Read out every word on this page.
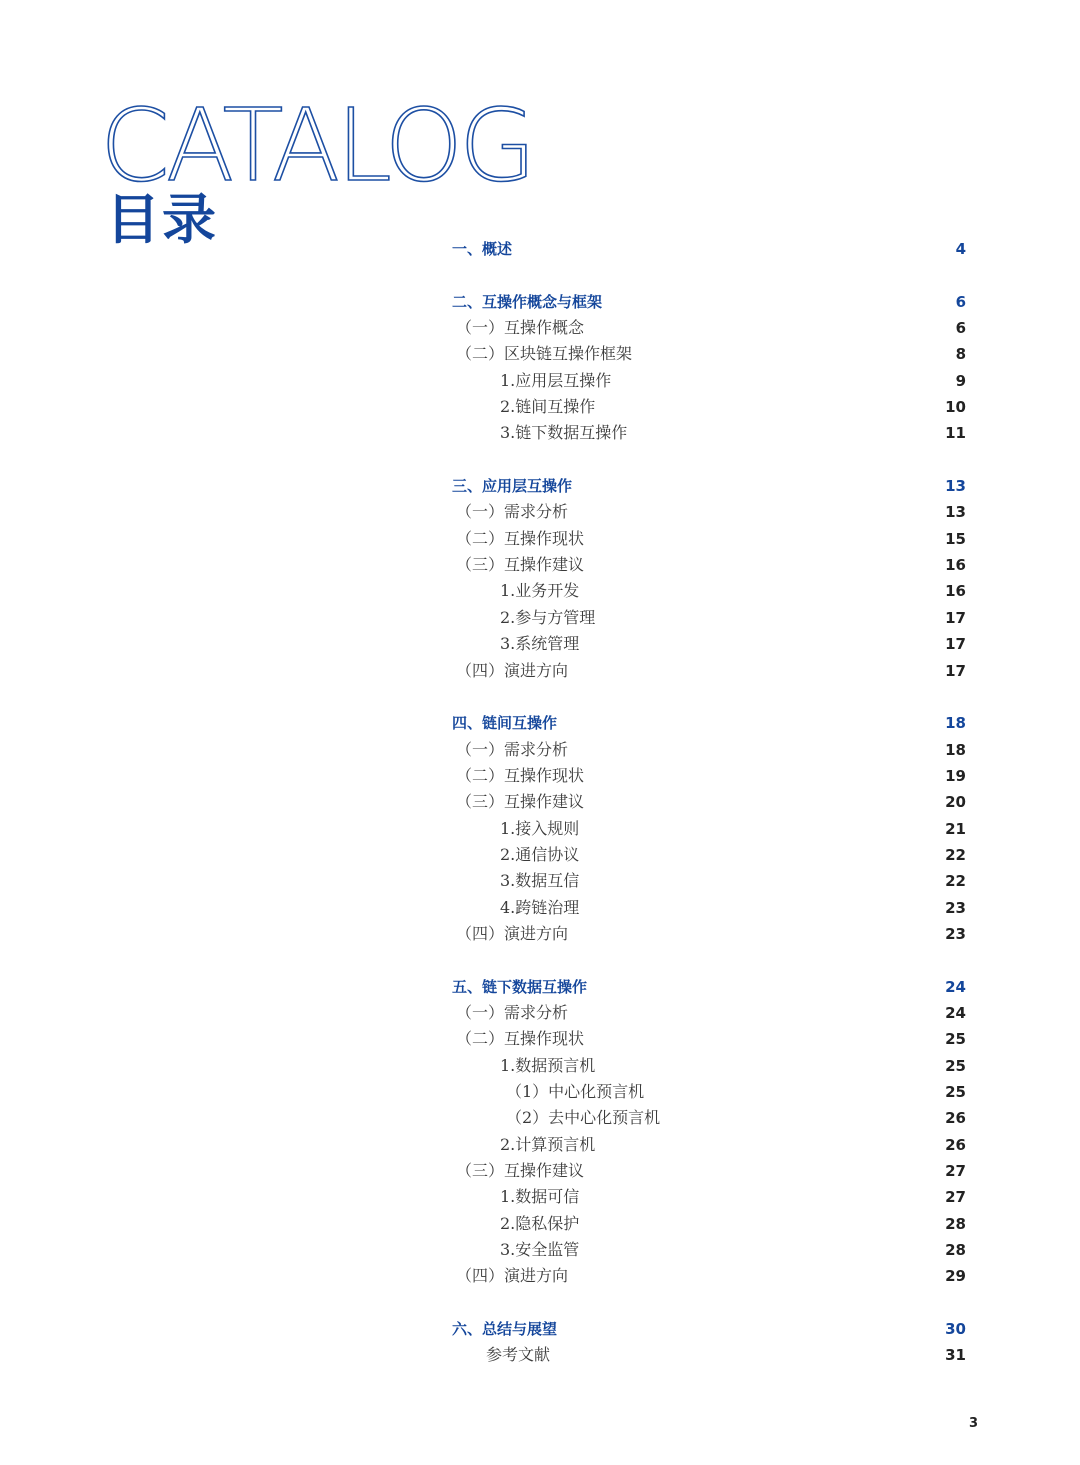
CATALOG
目录	一、概述	4
二、互操作概念与框架	6
（一）互操作概念	6
（二）区块链互操作框架	8
1.应用层互操作	9
2.链间互操作	10
3.链下数据互操作	11
三、应用层互操作	13
（一）需求分析	13
（二）互操作现状	15
（三）互操作建议	16
1.业务开发	16
2.参与方管理	17
3.系统管理	17
（四）演进方向	17
四、链间互操作	18
（一）需求分析	18
（二）互操作现状	19
（三）互操作建议	20
1.接入规则	21
2.通信协议	22
3.数据互信	22
4.跨链治理	23
（四）演进方向	23
五、链下数据互操作	24
（一）需求分析	24
（二）互操作现状	25
1.数据预言机	25
（1）中心化预言机	25
（2）去中心化预言机	26
2.计算预言机	26
（三）互操作建议	27
1.数据可信	27
2.隐私保护	28
3.安全监管	28
（四）演进方向	29
六、总结与展望	30
参考文献	31
3
